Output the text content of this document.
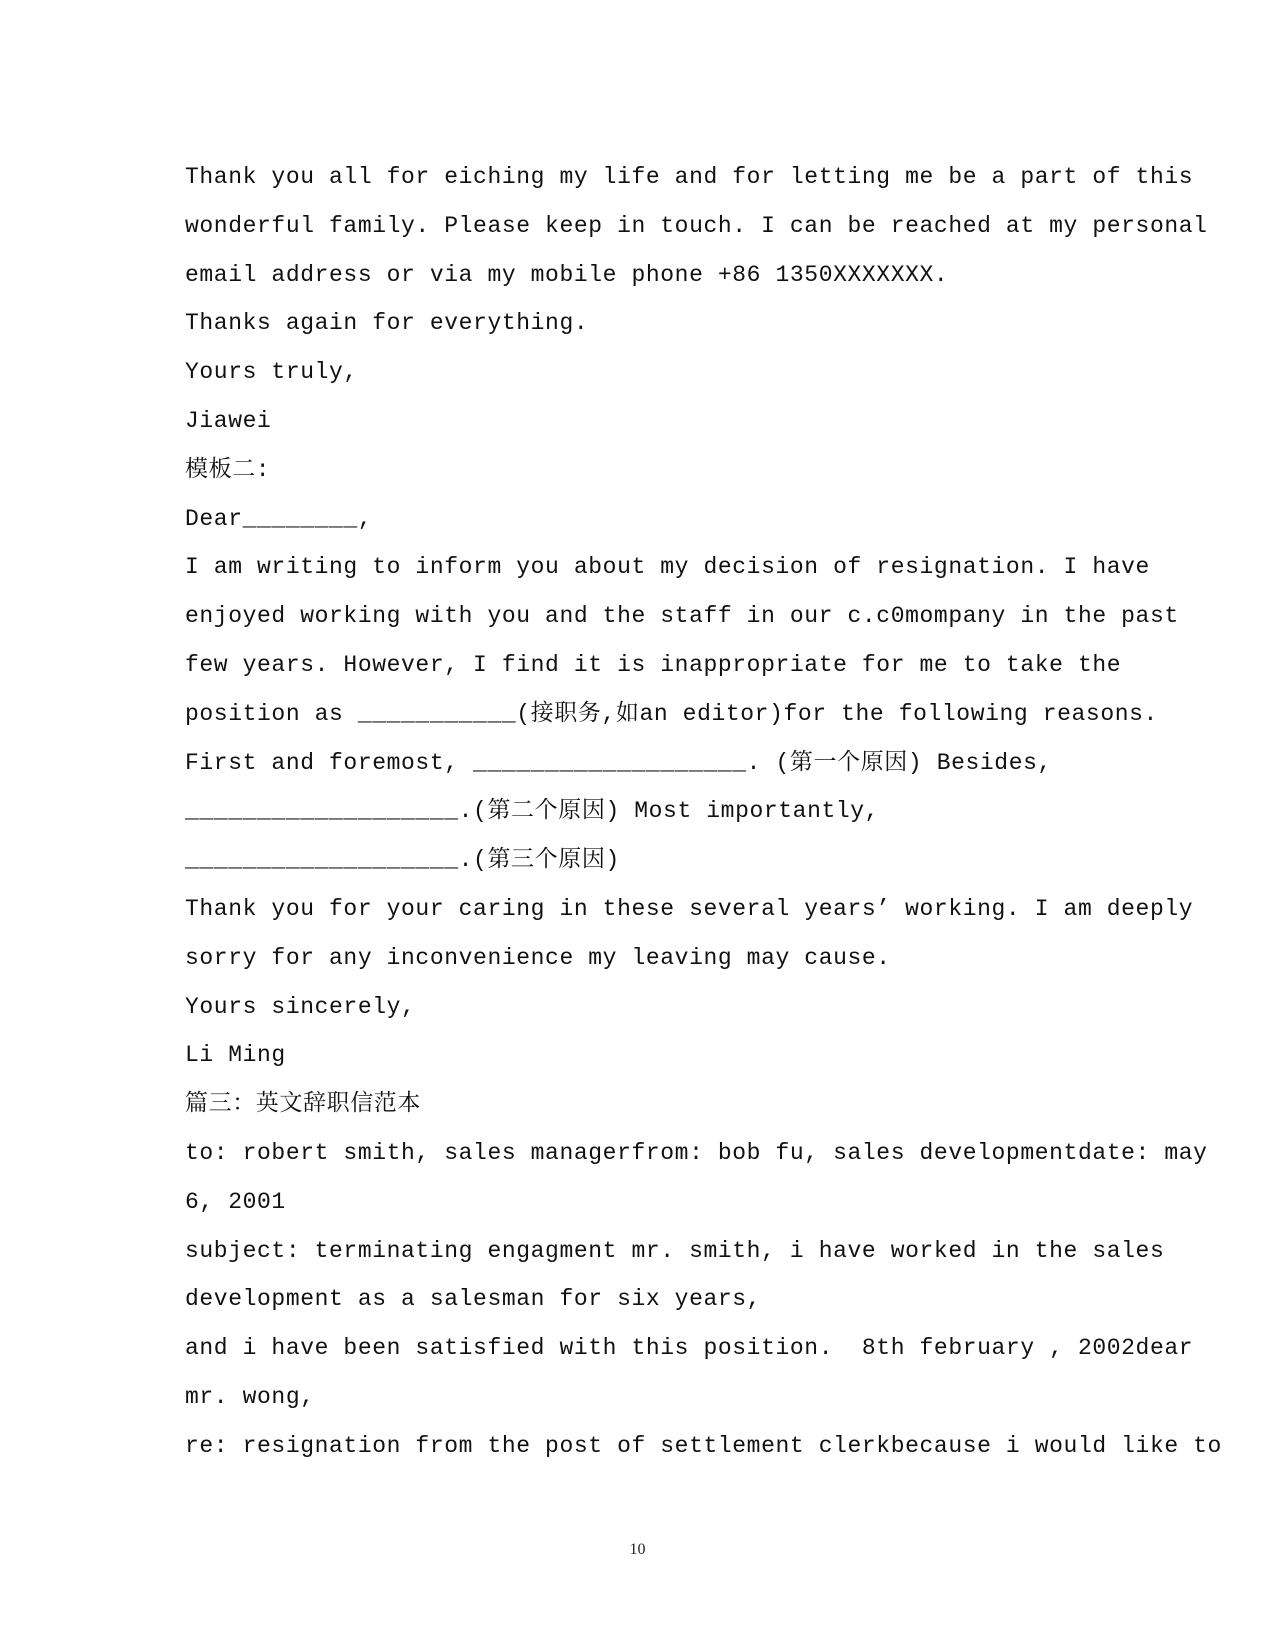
Thank you all for eiching my life and for letting me be a part of this
wonderful family. Please keep in touch. I can be reached at my personal
email address or via my mobile phone +86 1350XXXXXXX.
Thanks again for everything.
Yours truly,
Jiawei
模板二:
Dear________,
I am writing to inform you about my decision of resignation. I have
enjoyed working with you and the staff in our c.c0mompany in the past
few years. However, I find it is inappropriate for me to take the
position as ___________(接职务,如an editor)for the following reasons.
First and foremost, ___________________. (第一个原因) Besides,
___________________.(第二个原因) Most importantly,
___________________.(第三个原因)
Thank you for your caring in these several years’ working. I am deeply
sorry for any inconvenience my leaving may cause.
Yours sincerely,
Li Ming
篇三：英文辞职信范本
to: robert smith, sales managerfrom: bob fu, sales developmentdate: may
6, 2001
subject: terminating engagment mr. smith, i have worked in the sales
development as a salesman for six years,
and i have been satisfied with this position.  8th february , 2002dear
mr. wong,
re: resignation from the post of settlement clerkbecause i would like to
10
